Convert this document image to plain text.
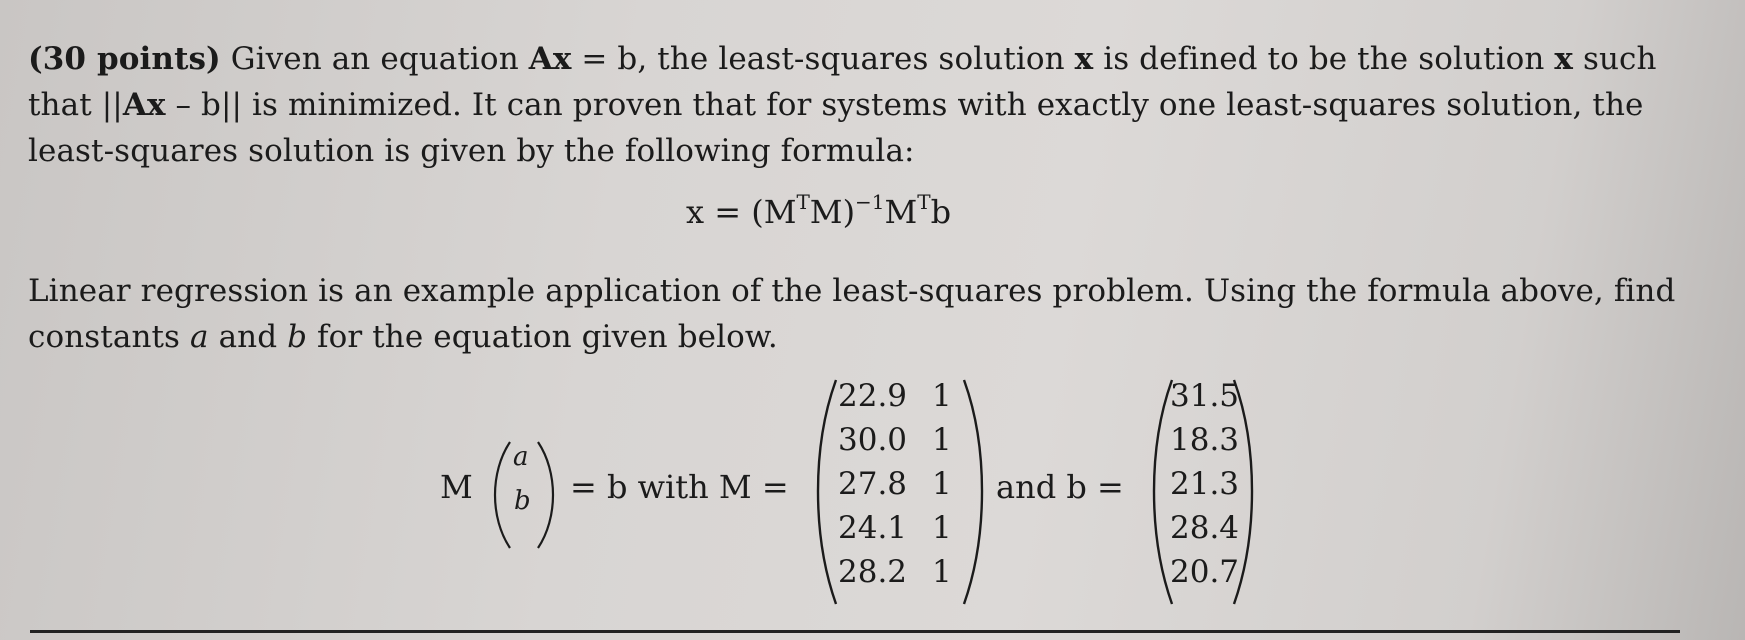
(30 points) Given an equation Ax = b, the least-squares solution x is defined to be the solution x such that ||Ax – b|| is minimized. It can proven that for systems with exactly one least-squares solution, the least-squares solution is given by the following formula:
$x = (M^TM)^{-1}M^Tb$
Linear regression is an example application of the least-squares problem. Using the formula above, find constants a and b for the equation given below.
M
a
b = b with M =
22.9 1
30.0 1
27.8 1
24.1 1
28.2 1
and b =
31.5
18.3
21.3
28.4
20.7
